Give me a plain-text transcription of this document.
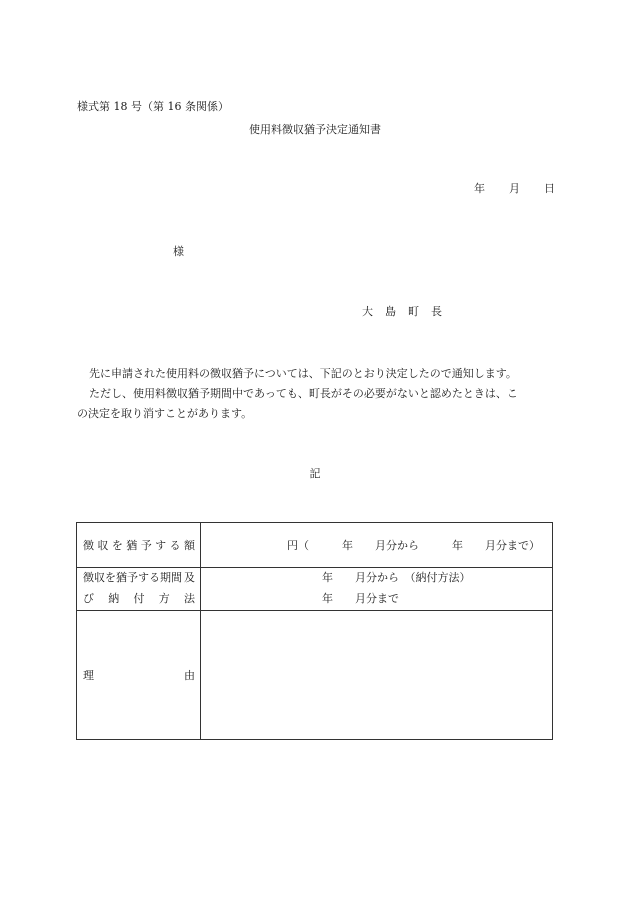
様式第 18 号（第 16 条関係）
使用料徴収猶予決定通知書
年 月 日
様
大 島 町 長
先に申請された使用料の徴収猶予については、下記のとおり決定したので通知します。
ただし、使用料徴収猶予期間中であっても、町長がその必要がないと認めたときは、こ
の決定を取り消すことがあります。
記
徴 収 を 猶 予 す る 額	円（　　　年　　月分から　　　年　　月分まで）
徴収を猶予する期間 及
び 納 付 方 法
年　　月分から　（納付方法）
年　　月分まで
理	由
